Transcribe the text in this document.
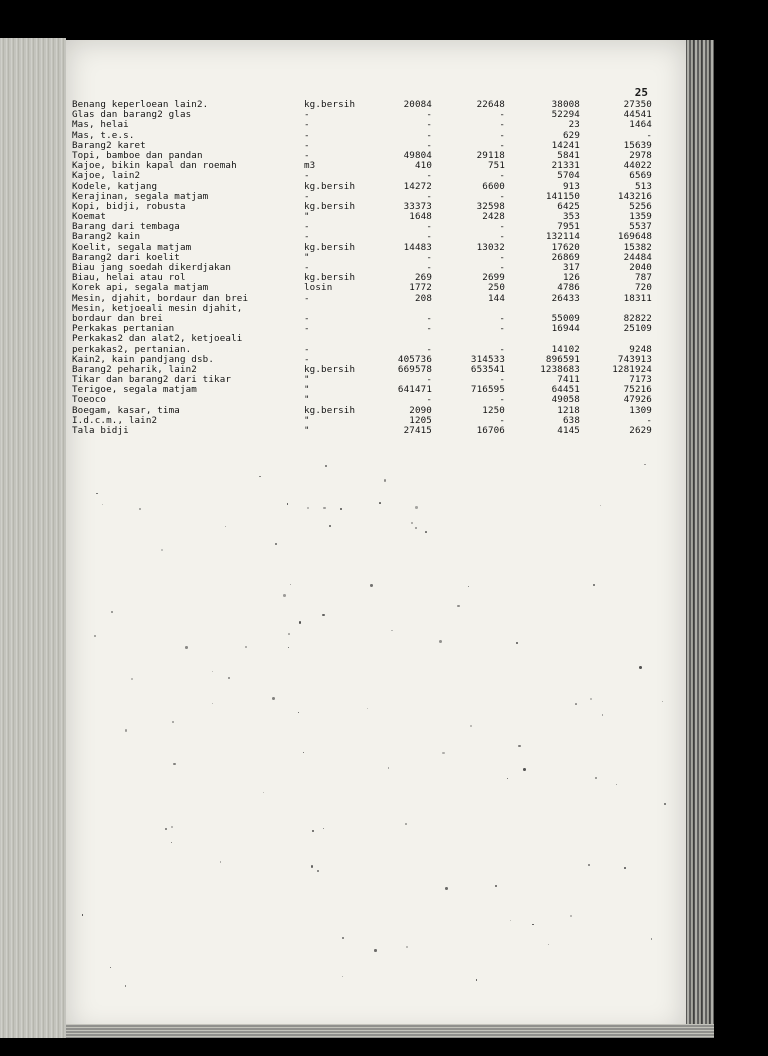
25
Benang keperloean lain2.	kg.bersih	20084	22648	38008	27350
Glas dan barang2 glas	-	-	-	52294	44541
Mas, helai	-	-	-	23	1464
Mas, t.e.s.	-	-	-	629	-
Barang2 karet	-	-	-	14241	15639
Topi, bamboe dan pandan	-	49804	29118	5841	2978
Kajoe, bikin kapal dan roemah	m3	410	751	21331	44022
Kajoe, lain2	-	-	-	5704	6569
Kodele, katjang	kg.bersih	14272	6600	913	513
Kerajinan, segala matjam	-	-	-	141150	143216
Kopi, bidji, robusta	kg.bersih	33373	32598	6425	5256
Koemat	"	1648	2428	353	1359
Barang dari tembaga	-	-	-	7951	5537
Barang2 kain	-	-	-	132114	169648
Koelit, segala matjam	kg.bersih	14483	13032	17620	15382
Barang2 dari koelit	"	-	-	26869	24484
Biau jang soedah dikerdjakan	-	-	-	317	2040
Biau, helai atau rol	kg.bersih	269	2699	126	787
Korek api, segala matjam	losin	1772	250	4786	720
Mesin, djahit, bordaur dan brei	-	208	144	26433	18311
Mesin, ketjoeali mesin djahit,
bordaur dan brei	-	-	-	55009	82822
Perkakas pertanian	-	-	-	16944	25109
Perkakas2 dan alat2, ketjoeali
perkakas2, pertanian.	-	-	-	14102	9248
Kain2, kain pandjang dsb.	-	405736	314533	896591	743913
Barang2 peharik, lain2	kg.bersih	669578	653541	1238683	1281924
Tikar dan barang2 dari tikar	"	-	-	7411	7173
Terigoe, segala matjam	"	641471	716595	64451	75216
Toeoco	"	-	-	49058	47926
Boegam, kasar, tima	kg.bersih	2090	1250	1218	1309
I.d.c.m., lain2	"	1205	-	638	-
Tala bidji	"	27415	16706	4145	2629
